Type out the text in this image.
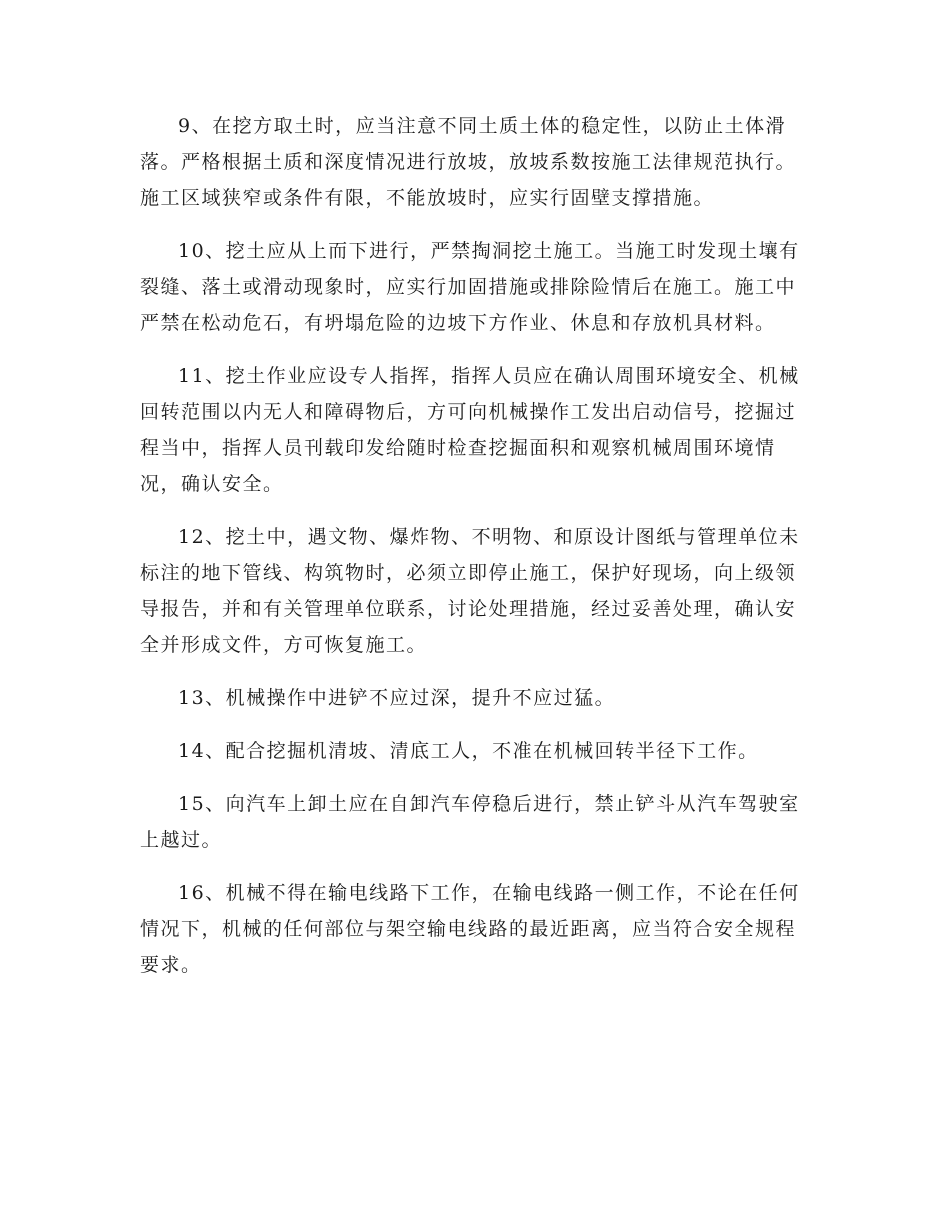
9、在挖方取土时，应当注意不同土质土体的稳定性，以防止土体滑落。严格根据土质和深度情况进行放坡，放坡系数按施工法律规范执行。施工区域狭窄或条件有限，不能放坡时，应实行固壁支撑措施。

10、挖土应从上而下进行，严禁掏洞挖土施工。当施工时发现土壤有裂缝、落土或滑动现象时，应实行加固措施或排除险情后在施工。施工中严禁在松动危石，有坍塌危险的边坡下方作业、休息和存放机具材料。

11、挖土作业应设专人指挥，指挥人员应在确认周围环境安全、机械回转范围以内无人和障碍物后，方可向机械操作工发出启动信号，挖掘过程当中，指挥人员刊载印发给随时检查挖掘面积和观察机械周围环境情况，确认安全。

12、挖土中，遇文物、爆炸物、不明物、和原设计图纸与管理单位未标注的地下管线、构筑物时，必须立即停止施工，保护好现场，向上级领导报告，并和有关管理单位联系，讨论处理措施，经过妥善处理，确认安全并形成文件，方可恢复施工。

13、机械操作中进铲不应过深，提升不应过猛。

14、配合挖掘机清坡、清底工人，不准在机械回转半径下工作。

15、向汽车上卸土应在自卸汽车停稳后进行，禁止铲斗从汽车驾驶室上越过。

16、机械不得在输电线路下工作，在输电线路一侧工作，不论在任何情况下，机械的任何部位与架空输电线路的最近距离，应当符合安全规程要求。
